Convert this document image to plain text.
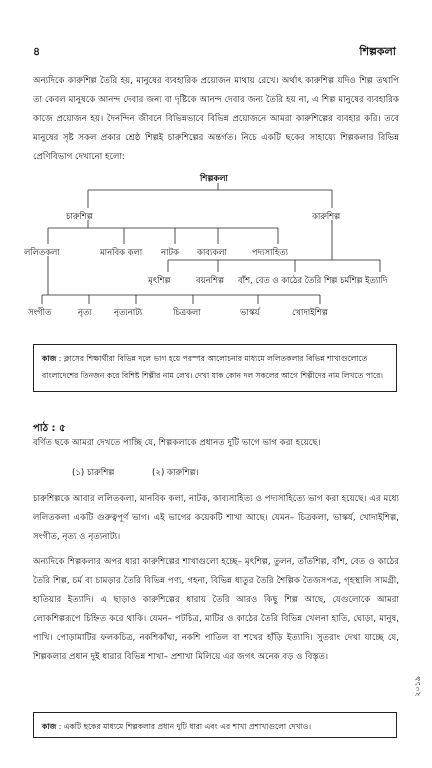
৪	শিল্পকলা

অন্যদিকে কারুশিল্প তৈরি হয়, মানুষের ব্যবহারিক প্রয়োজন মাথায় রেখে। অর্থাৎ কারুশিল্প যদিও শিল্প তথাপি তা কেবল মানুষকে আনন্দ দেবার জন্য বা দৃষ্টিকে আনন্দ দেবার জন্য তৈরি হয় না, এ শিল্প মানুষের ব্যবহারিক কাজে প্রয়োজন হয়। দৈনন্দিন জীবনে বিভিন্নভাবে বিভিন্ন প্রয়োজনে আমরা কারুশিল্পের ব্যবহার করি। তবে মানুষের সৃষ্ট সকল প্রকার শ্রেষ্ঠ শিল্পই চারুশিল্পের অন্তর্গত। নিচে একটি ছকের সাহায্যে শিল্পকলার বিভিন্ন প্রেণিবিভাগ দেখানো হলো:

শিল্পকলা
চারুশিল্প	কারুশিল্প
ললিতকলা	মানবিক কলা নাটক কাব্যকলা	পদ্যসাহিত্য
মৃৎশিল্প	বয়নশিল্প বাঁশ, বেত ও কাঠের তৈরি শিল্প চর্মশিল্প ইত্যাদি
সংগীত	নৃত্য	নৃত্যনাট্য	চিত্রকলা	ভাস্কর্য	খোদাইশিল্প
কাজ : ক্লাসের শিক্ষার্থীরা বিভিন্ন দলে ভাগ হয়ে পরস্পর আলোচনার মাধ্যমে ললিতকলার বিভিন্ন শাখাগুলোতে বাংলাদেশের তিনজন করে বিশিষ্ট শিল্পীর নাম লেখ। দেখা যাক কোন দল সকলের আগে শিল্পীদের নাম লিখতে পারে।
পাঠ : ৫

বর্ণিত ছকে আমরা দেখতে পাচ্ছি যে, শিল্পকলাকে প্রধানত দুটি ভাগে ভাগ করা হয়েছে।

(১) চারুশিল্প	(২) কারুশিল্প।

চারুশিল্পকে আবার ললিতকলা, মানবিক কলা, নাটক, কাব্যসাহিত্য ও পদ্যসাহিত্যে ভাগ করা হয়েছে। এর মধ্যে ললিতকলা একটি গুরুত্বপূর্ণ ভাগ। এই ভাগের কয়েকটি শাখা আছে। যেমন– চিত্রকলা, ভাস্কর্য, খোদাইশিল্প, সংগীত, নৃত্য ও নৃত্যনাট্য।

অন্যদিকে শিল্পকলার অপর ধারা কারুশিল্পের শাখাগুলো হচ্ছে– মৃৎশিল্প, তুলন, তাঁতশিল্প, বাঁশ, বেত ও কাঠের তৈরি শিল্প, চর্ম বা চামড়ার তৈরি বিভিন্ন পণ্য, গহনা, বিভিন্ন ধাতুর তৈরি শৈল্পিক তৈজসপত্র, গৃহস্থালি সামগ্রী, হাতিয়ার ইত্যাদি। এ ছাড়াও কারুশিল্পের ধারায় তৈরি আরও কিছু শিল্প আছে, যেগুলোকে আমরা লোকশিল্পরূপে চিহ্নিত করে থাকি। যেমন– পটচিত্র, মাটির ও কাঠের তৈরি বিভিন্ন খেলনা হাতি, ঘোড়া, মানুষ, পাখি। পোড়ামাটির ফলকচিত্র, নকশিকাঁথা, নকশি পাতিল বা শখের হাঁড়ি ইত্যাদি। সুতরাং দেখা যাচ্ছে যে, শিল্পকলার প্রধান দুই ধারার বিভিন্ন শাখা– প্রশাখা মিলিয়ে এর জগৎ অনেক বড় ও বিস্তৃত।

কাজ : একটি ছকের মাধ্যমে শিল্পকলার প্রধান দুটি ধারা এবং এর শাখা প্রশাখাগুলো দেখাও।
২০১৯
